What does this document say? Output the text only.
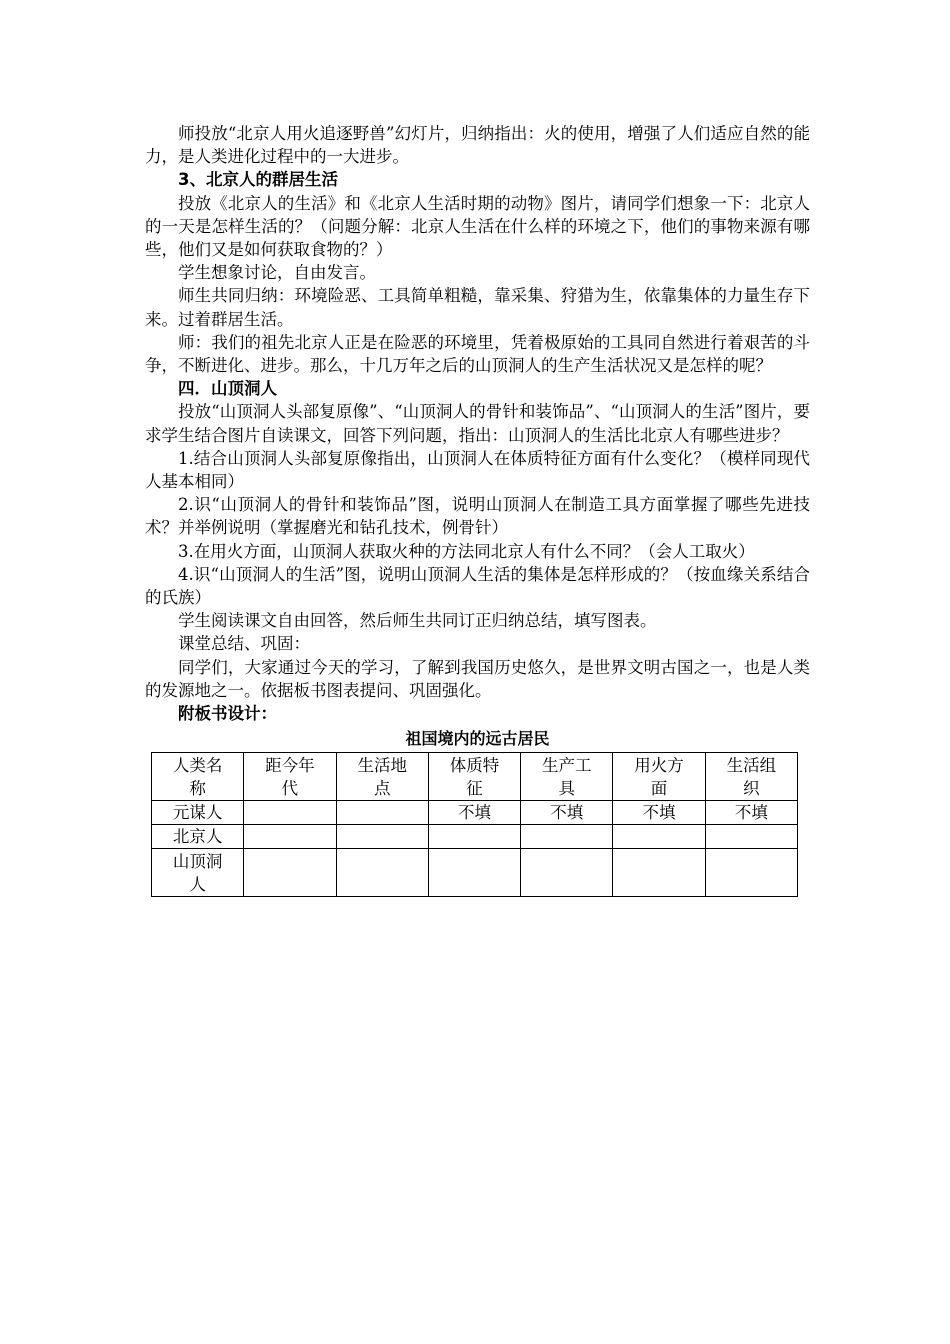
师投放“北京人用火追逐野兽”幻灯片，归纳指出：火的使用，增强了人们适应自然的能力，是人类进化过程中的一大进步。

3、北京人的群居生活

投放《北京人的生活》和《北京人生活时期的动物》图片，请同学们想象一下：北京人的一天是怎样生活的？（问题分解：北京人生活在什么样的环境之下，他们的事物来源有哪些，他们又是如何获取食物的？）

学生想象讨论，自由发言。

师生共同归纳：环境险恶、工具简单粗糙，靠采集、狩猎为生，依靠集体的力量生存下来。过着群居生活。

师：我们的祖先北京人正是在险恶的环境里，凭着极原始的工具同自然进行着艰苦的斗争，不断进化、进步。那么，十几万年之后的山顶洞人的生产生活状况又是怎样的呢？

四．山顶洞人

投放“山顶洞人头部复原像”、“山顶洞人的骨针和装饰品”、“山顶洞人的生活”图片，要求学生结合图片自读课文，回答下列问题，指出：山顶洞人的生活比北京人有哪些进步？

1.结合山顶洞人头部复原像指出，山顶洞人在体质特征方面有什么变化？（模样同现代人基本相同）

2.识“山顶洞人的骨针和装饰品”图，说明山顶洞人在制造工具方面掌握了哪些先进技术？并举例说明（掌握磨光和钻孔技术，例骨针）

3.在用火方面，山顶洞人获取火种的方法同北京人有什么不同？（会人工取火）

4.识“山顶洞人的生活”图，说明山顶洞人生活的集体是怎样形成的？（按血缘关系结合的氏族）

学生阅读课文自由回答，然后师生共同订正归纳总结，填写图表。

课堂总结、巩固：

同学们，大家通过今天的学习，了解到我国历史悠久，是世界文明古国之一，也是人类的发源地之一。依据板书图表提问、巩固强化。

附板书设计：

祖国境内的远古居民
人类名称	距今年代	生活地点	体质特征	生产工具	用火方面	生活组织
元谋人			不填	不填	不填	不填
北京人						
山顶洞人						
